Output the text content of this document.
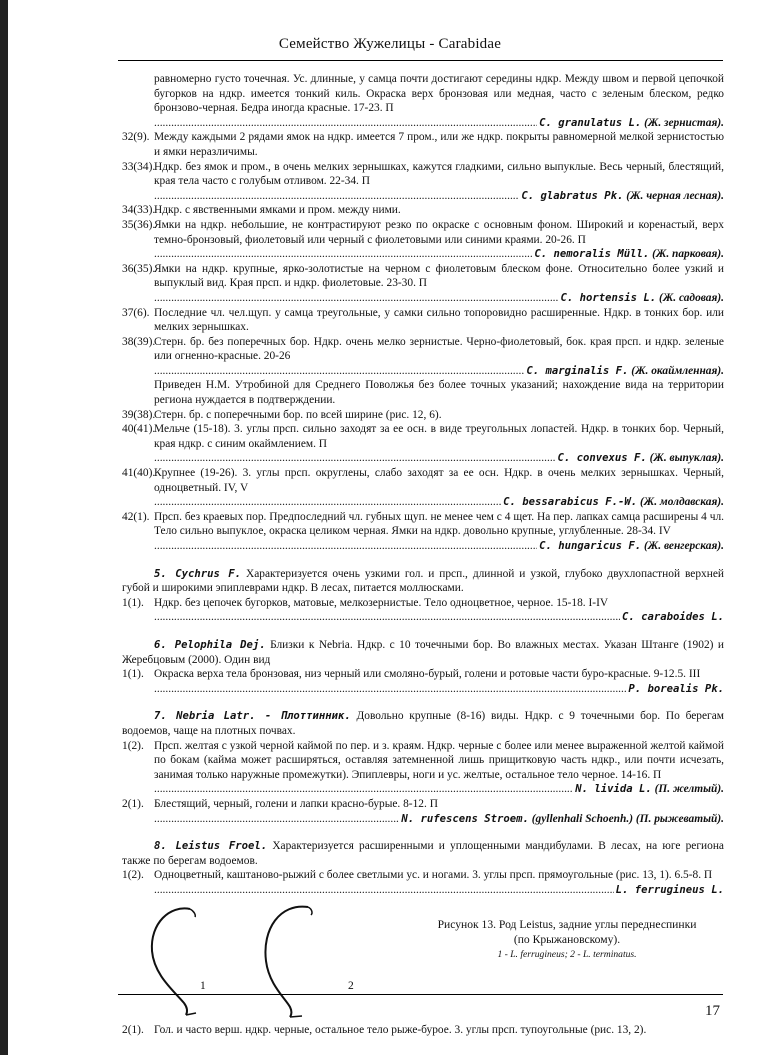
Семейство Жужелицы - Carabidae
равномерно густо точечная. Ус. длинные, у самца почти достигают середины ндкр. Между швом и первой цепочкой бугорков на ндкр. имеется тонкий киль. Окраска верх бронзовая или медная, часто с зеленым блеском, редко бронзово-черная. Бедра иногда красные. 17-23. П
.....
C. granulatus L. (Ж. зернистая).
32(9). Между каждыми 2 рядами ямок на ндкр. имеется 7 пром., или же ндкр. покрыты равномерной мелкой зернистостью и ямки неразличимы.
33(34).
Ндкр. без ямок и пром., в очень мелких зернышках, кажутся гладкими, сильно выпуклые. Весь черный, блестящий, края тела часто с голубым отливом. 22-34. П
.....
C. glabratus Pk. (Ж. черная лесная).
34(33).
Ндкр. с явственными ямками и пром. между ними.
35(36).
Ямки на ндкр. небольшие, не контрастируют резко по окраске с основным фоном. Широкий и коренастый, верх темно-бронзовый, фиолетовый или черный с фиолетовыми или синими краями. 20-26. П
.....
C. nemoralis Müll. (Ж. парковая).
36(35).
Ямки на ндкр. крупные, ярко-золотистые на черном с фиолетовым блеском фоне. Относительно более узкий и выпуклый вид. Края прсп. и ндкр. фиолетовые. 23-30. П
.....
C. hortensis L. (Ж. садовая).
37(6). Последние чл. чел.щуп. у самца треугольные, у самки сильно топоровидно расширенные. Ндкр. в тонких бор. или мелких зернышках.
38(39).
Стерн. бр. без поперечных бор. Ндкр. очень мелко зернистые. Черно-фиолетовый, бок. края прсп. и ндкр. зеленые или огненно-красные. 20-26
.....
C. marginalis F. (Ж. окаймленная).
Приведен Н.М. Утробиной для Среднего Поволжья без более точных указаний; нахождение вида на территории региона нуждается в подтверждении.
39(38).
Стерн. бр. с поперечными бор. по всей ширине (рис. 12, 6).
40(41).
Мельче (15-18). 3. углы прсп. сильно заходят за ее осн. в виде треугольных лопастей. Ндкр. в тонких бор. Черный, края ндкр. с синим окаймлением. П
.....
C. convexus F. (Ж. выпуклая).
41(40).
Крупнее (19-26). 3. углы прсп. округлены, слабо заходят за ее осн. Ндкр. в очень мелких зернышках. Черный, одноцветный. IV, V
.....
C. bessarabicus F.-W. (Ж. молдавская).
42(1). Прсп. без краевых пор. Предпоследний чл. губных щуп. не менее чем с 4 щет. На пер. лапках самца расширены 4 чл. Тело сильно выпуклое, окраска целиком черная. Ямки на ндкр. довольно крупные, углубленные. 28-34. IV
.....
C. hungaricus F. (Ж. венгерская).
5. Cychrus F. Характеризуется очень узкими гол. и прсп., длинной и узкой, глубоко двухлопастной верхней губой и широкими эпиплеврами ндкр. В лесах, питается моллюсками.
1(1). Ндкр. без цепочек бугорков, матовые, мелкозернистые. Тело одноцветное, черное. 15-18. I-IV
.....
C. caraboides L.
6. Pelophila Dej. Близки к Nebria. Ндкр. с 10 точечными бор. Во влажных местах. Указан Штанге (1902) и Жеребцовым (2000). Один вид
1(1). Окраска верха тела бронзовая, низ черный или смоляно-бурый, голени и ротовые части буро-красные. 9-12.5. III
.....
P. borealis Pk.
7. Nebria Latr. - Плоттинник. Довольно крупные (8-16) виды. Ндкр. с 9 точечными бор. По берегам водоемов, чаще на плотных почвах.
1(2). Прсп. желтая с узкой черной каймой по пер. и з. краям. Ндкр. черные с более или менее выраженной желтой каймой по бокам (кайма может расширяться, оставляя затемненной лишь прищитковую часть ндкр., или почти исчезать, занимая только наружные промежутки). Эпиплевры, ноги и ус. желтые, остальное тело черное. 14-16. П
.....
N. livida L. (П. желтый).
2(1). Блестящий, черный, голени и лапки красно-бурые. 8-12. П
.....
N. rufescens Stroem. (gyllenhali Schoenh.) (П. рыжеватый).
8. Leistus Froel. Характеризуется расширенными и уплощенными мандибулами. В лесах, на юге региона также по берегам водоемов.
1(2). Одноцветный, каштаново-рыжий с более светлыми ус. и ногами. 3. углы прсп. прямоугольные (рис. 13, 1). 6.5-8. П
.....
L. ferrugineus L.
1	2
Рисунок 13. Род Leistus, задние углы переднеспинки
(по Крыжановскому).
1 - L. ferrugineus; 2 - L. terminatus.
2(1). Гол. и часто верш. ндкр. черные, остальное тело рыже-бурое. 3. углы прсп. тупоугольные (рис. 13, 2).
17
